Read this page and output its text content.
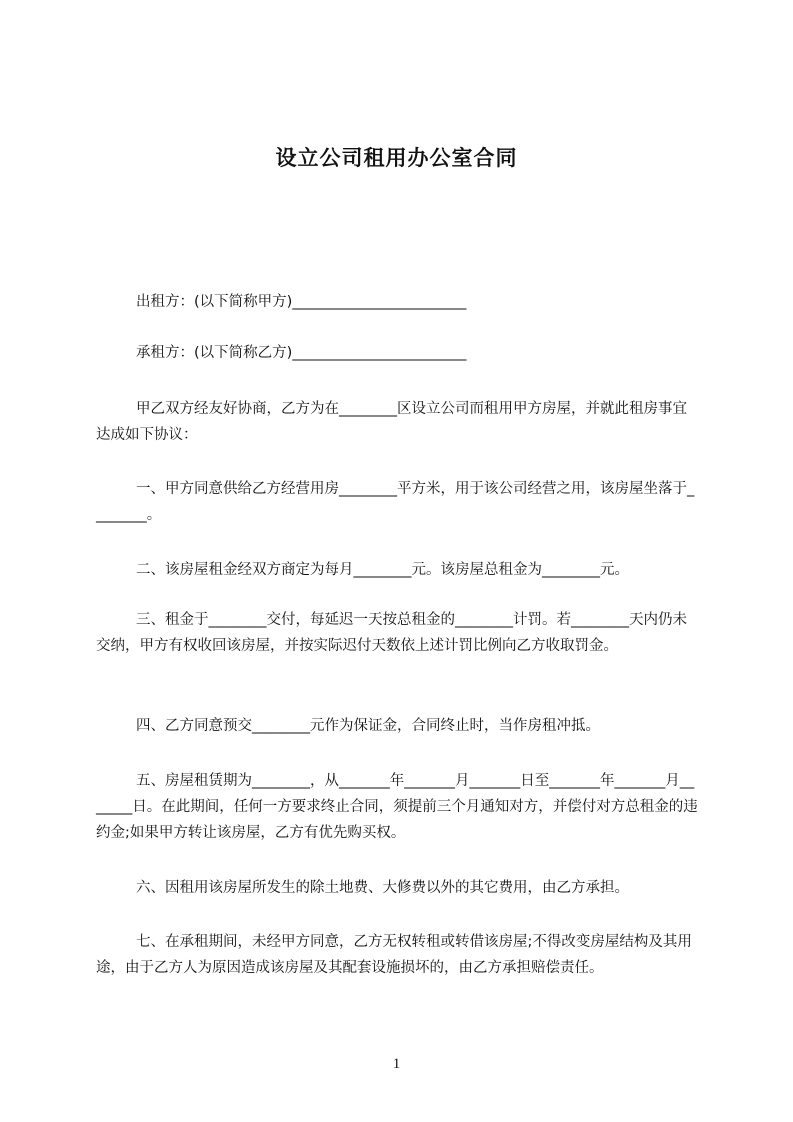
设立公司租用办公室合同

出租方：(以下简称甲方)________________________

承租方：(以下简称乙方)________________________

甲乙双方经友好协商，乙方为在________区设立公司而租用甲方房屋，并就此租房事宜达成如下协议：

一、甲方同意供给乙方经营用房________平方米，用于该公司经营之用，该房屋坐落于________。

二、该房屋租金经双方商定为每月________元。该房屋总租金为________元。

三、租金于________交付，每延迟一天按总租金的________计罚。若________天内仍未交纳，甲方有权收回该房屋，并按实际迟付天数依上述计罚比例向乙方收取罚金。

四、乙方同意预交________元作为保证金，合同终止时，当作房租冲抵。

五、房屋租赁期为________，从_______年_______月_______日至_______年_______月_______日。在此期间，任何一方要求终止合同，须提前三个月通知对方，并偿付对方总租金的违约金;如果甲方转让该房屋，乙方有优先购买权。

六、因租用该房屋所发生的除土地费、大修费以外的其它费用，由乙方承担。

七、在承租期间，未经甲方同意，乙方无权转租或转借该房屋;不得改变房屋结构及其用途，由于乙方人为原因造成该房屋及其配套设施损坏的，由乙方承担赔偿责任。

1
